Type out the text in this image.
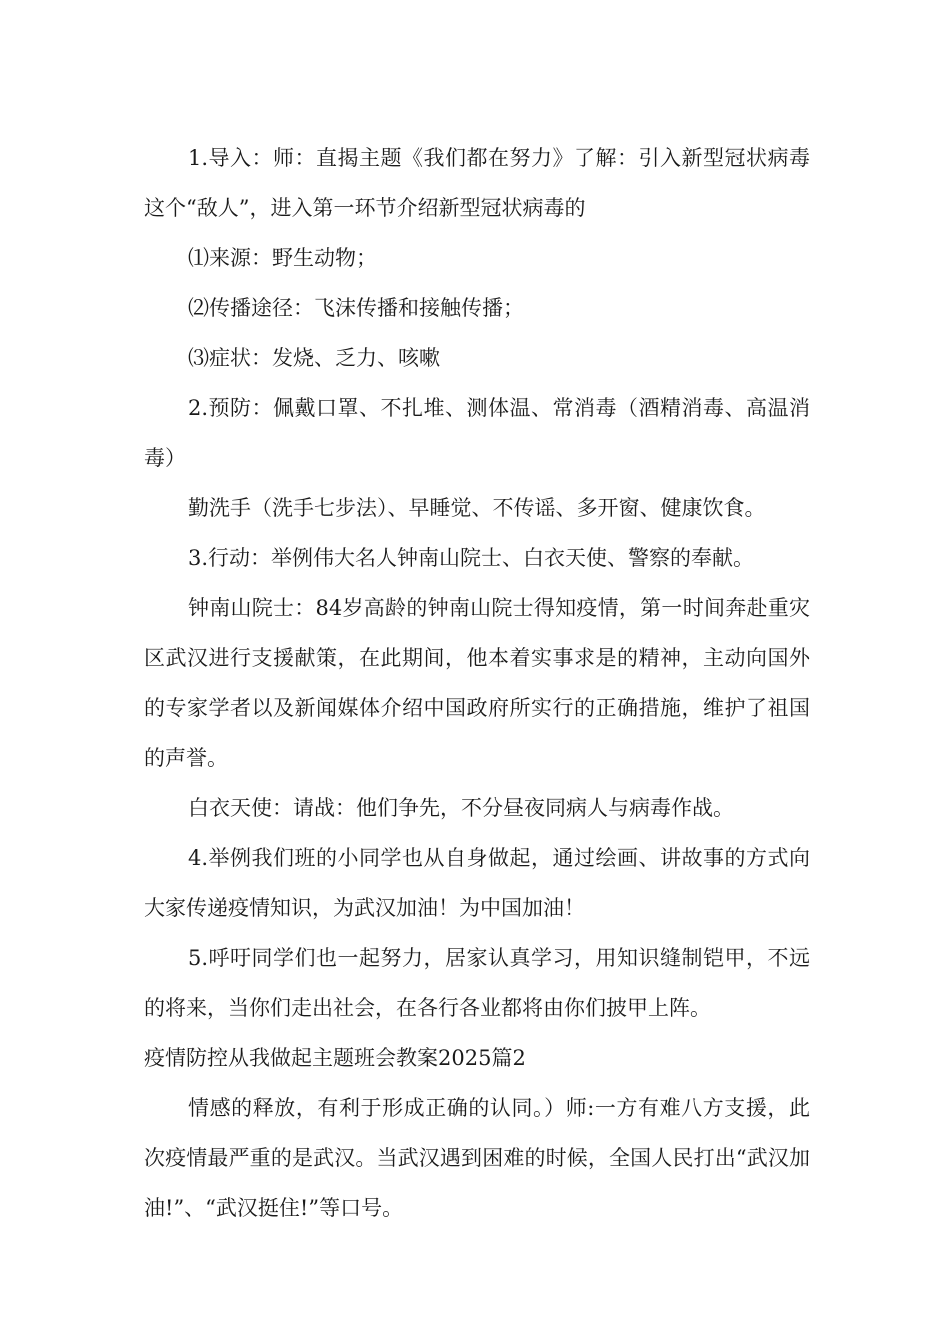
1.导入：师：直揭主题《我们都在努力》了解：引入新型冠状病毒这个“敌人”，进入第一环节介绍新型冠状病毒的

⑴来源：野生动物；

⑵传播途径：飞沫传播和接触传播；

⑶症状：发烧、乏力、咳嗽

2.预防：佩戴口罩、不扎堆、测体温、常消毒（酒精消毒、高温消毒）

勤洗手（洗手七步法）、早睡觉、不传谣、多开窗、健康饮食。

3.行动：举例伟大名人钟南山院士、白衣天使、警察的奉献。

钟南山院士：84岁高龄的钟南山院士得知疫情，第一时间奔赴重灾区武汉进行支援献策，在此期间，他本着实事求是的精神，主动向国外的专家学者以及新闻媒体介绍中国政府所实行的正确措施，维护了祖国的声誉。

白衣天使：请战：他们争先，不分昼夜同病人与病毒作战。

4.举例我们班的小同学也从自身做起，通过绘画、讲故事的方式向大家传递疫情知识，为武汉加油！为中国加油！

5.呼吁同学们也一起努力，居家认真学习，用知识缝制铠甲，不远的将来，当你们走出社会，在各行各业都将由你们披甲上阵。

疫情防控从我做起主题班会教案2025篇2

情感的释放，有利于形成正确的认同。）师:一方有难八方支援，此次疫情最严重的是武汉。当武汉遇到困难的时候，全国人民打出“武汉加油!”、“武汉挺住!”等口号。
